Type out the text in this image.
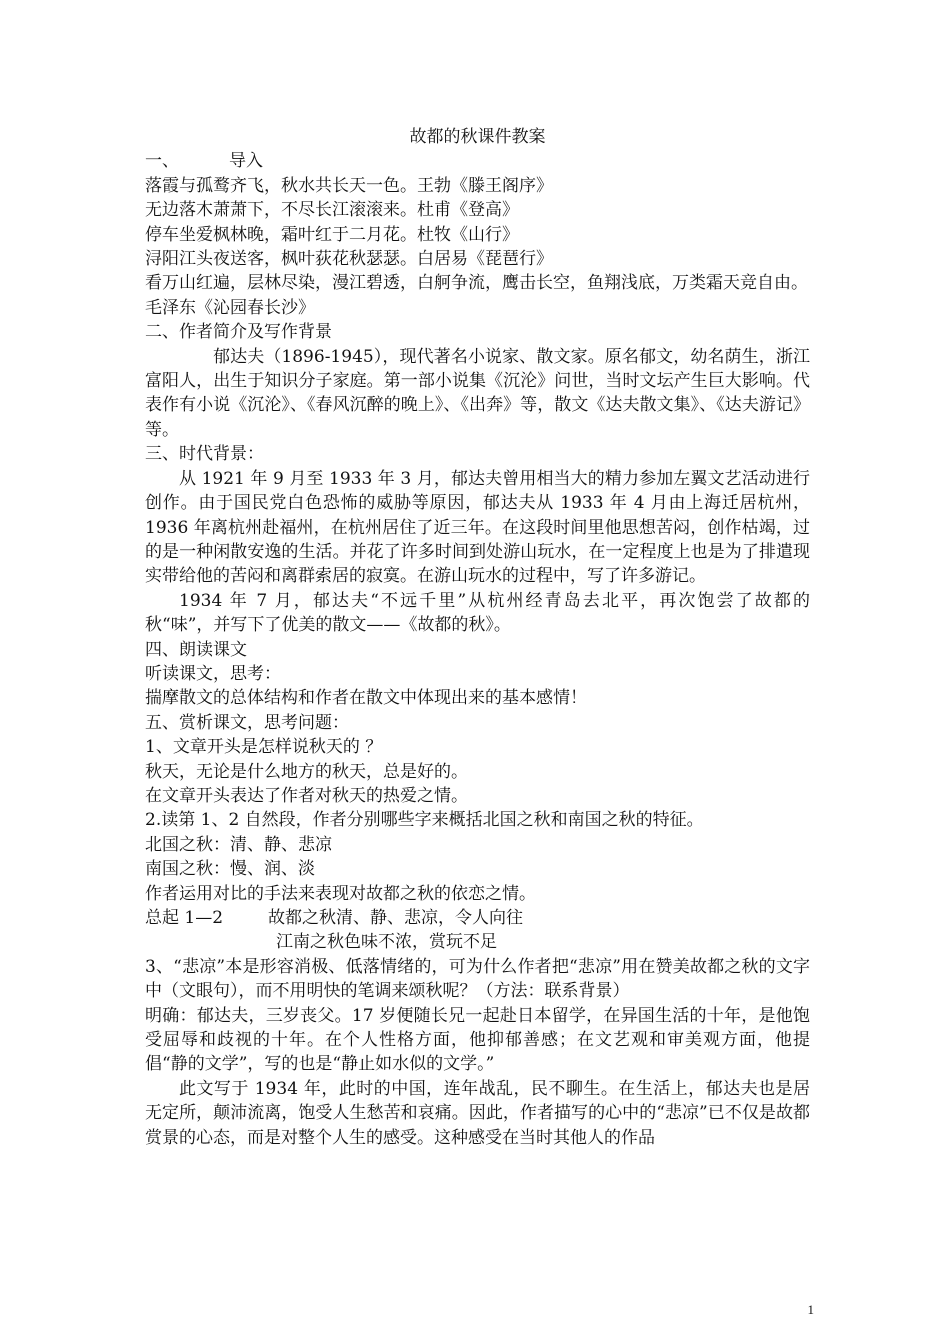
故都的秋课件教案

一、	导入

落霞与孤鹜齐飞，秋水共长天一色。王勃《滕王阁序》

无边落木萧萧下，不尽长江滚滚来。杜甫《登高》

停车坐爱枫林晚，霜叶红于二月花。杜牧《山行》

浔阳江头夜送客，枫叶荻花秋瑟瑟。白居易《琵琶行》

看万山红遍，层林尽染，漫江碧透，白舸争流，鹰击长空，鱼翔浅底，万类霜天竞自由。

毛泽东《沁园春长沙》

二、作者简介及写作背景

郁达夫（1896-1945），现代著名小说家、散文家。原名郁文，幼名荫生，浙江富阳人，出生于知识分子家庭。第一部小说集《沉沦》问世，当时文坛产生巨大影响。代表作有小说《沉沦》、《春风沉醉的晚上》、《出奔》等，散文《达夫散文集》、《达夫游记》等。

三、时代背景：

从 1921 年 9 月至 1933 年 3 月，郁达夫曾用相当大的精力参加左翼文艺活动进行创作。由于国民党白色恐怖的威胁等原因，郁达夫从 1933 年 4 月由上海迁居杭州，1936 年离杭州赴福州，在杭州居住了近三年。在这段时间里他思想苦闷，创作枯竭，过的是一种闲散安逸的生活。并花了许多时间到处游山玩水，在一定程度上也是为了排遣现实带给他的苦闷和离群索居的寂寞。在游山玩水的过程中，写了许多游记。

1934 年 7 月，郁达夫“不远千里”从杭州经青岛去北平，再次饱尝了故都的秋“味”，并写下了优美的散文——《故都的秋》。

四、朗读课文

听读课文，思考：

揣摩散文的总体结构和作者在散文中体现出来的基本感情！

五、赏析课文，思考问题：

1、文章开头是怎样说秋天的 ？

秋天，无论是什么地方的秋天，总是好的。

在文章开头表达了作者对秋天的热爱之情。

2.读第 1、2 自然段，作者分别哪些字来概括北国之秋和南国之秋的特征。

北国之秋：清、静、悲凉

南国之秋：慢、润、淡

作者运用对比的手法来表现对故都之秋的依恋之情。

总起 1—2	故都之秋清、静、悲凉，令人向往

江南之秋色味不浓，赏玩不足

3、“悲凉”本是形容消极、低落情绪的，可为什么作者把“悲凉”用在赞美故都之秋的文字中（文眼句），而不用明快的笔调来颂秋呢？（方法：联系背景）

明确：郁达夫，三岁丧父。17 岁便随长兄一起赴日本留学，在异国生活的十年，是他饱受屈辱和歧视的十年。在个人性格方面，他抑郁善感；在文艺观和审美观方面，他提倡“静的文学”，写的也是“静止如水似的文学。”

此文写于 1934 年，此时的中国，连年战乱，民不聊生。在生活上，郁达夫也是居无定所，颠沛流离，饱受人生愁苦和哀痛。因此，作者描写的心中的“悲凉”已不仅是故都赏景的心态，而是对整个人生的感受。这种感受在当时其他人的作品

1
